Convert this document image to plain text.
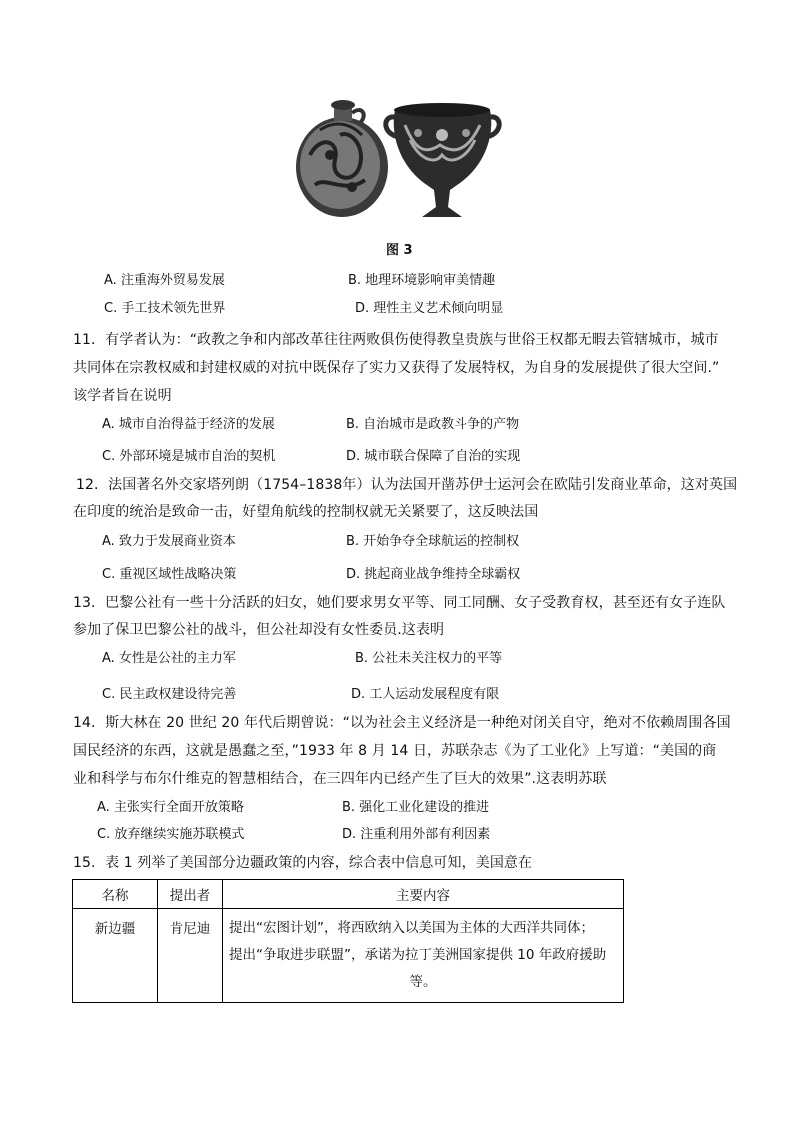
图 3
A. 注重海外贸易发展	B. 地理环境影响审美情趣
C. 手工技术领先世界	D. 理性主义艺术倾向明显
11．有学者认为：“政教之争和内部改革往往两败俱伤使得教皇贵族与世俗王权都无暇去管辖城市，城市
共同体在宗教权威和封建权威的对抗中既保存了实力又获得了发展特权，为自身的发展提供了很大空间.”
该学者旨在说明
A. 城市自治得益于经济的发展	B. 自治城市是政教斗争的产物
C. 外部环境是城市自治的契机	D. 城市联合保障了自治的实现
12．法国著名外交家塔列朗（1754–1838年）认为法国开凿苏伊士运河会在欧陆引发商业革命，这对英国
在印度的统治是致命一击，好望角航线的控制权就无关紧要了，这反映法国
A. 致力于发展商业资本	B. 开始争夺全球航运的控制权
C. 重视区域性战略决策	D. 挑起商业战争维持全球霸权
13．巴黎公社有一些十分活跃的妇女，她们要求男女平等、同工同酬、女子受教育权，甚至还有女子连队
参加了保卫巴黎公社的战斗，但公社却没有女性委员.这表明
A. 女性是公社的主力军	B. 公社未关注权力的平等
C. 民主政权建设待完善	D. 工人运动发展程度有限
14．斯大林在 20 世纪 20 年代后期曾说：“以为社会主义经济是一种绝对闭关自守，绝对不依赖周围各国
国民经济的东西，这就是愚蠢之至，”1933 年 8 月 14 日，苏联杂志《为了工业化》上写道：“美国的商
业和科学与布尔什维克的智慧相结合，在三四年内已经产生了巨大的效果”.这表明苏联
A. 主张实行全面开放策略	B. 强化工业化建设的推进
C. 放弃继续实施苏联模式	D. 注重利用外部有利因素
15．表 1 列举了美国部分边疆政策的内容，综合表中信息可知，美国意在
名称	提出者	主要内容
新边疆	肯尼迪	提出“宏图计划”，将西欧纳入以美国为主体的大西洋共同体；
提出“争取进步联盟”，承诺为拉丁美洲国家提供 10 年政府援助
等。
